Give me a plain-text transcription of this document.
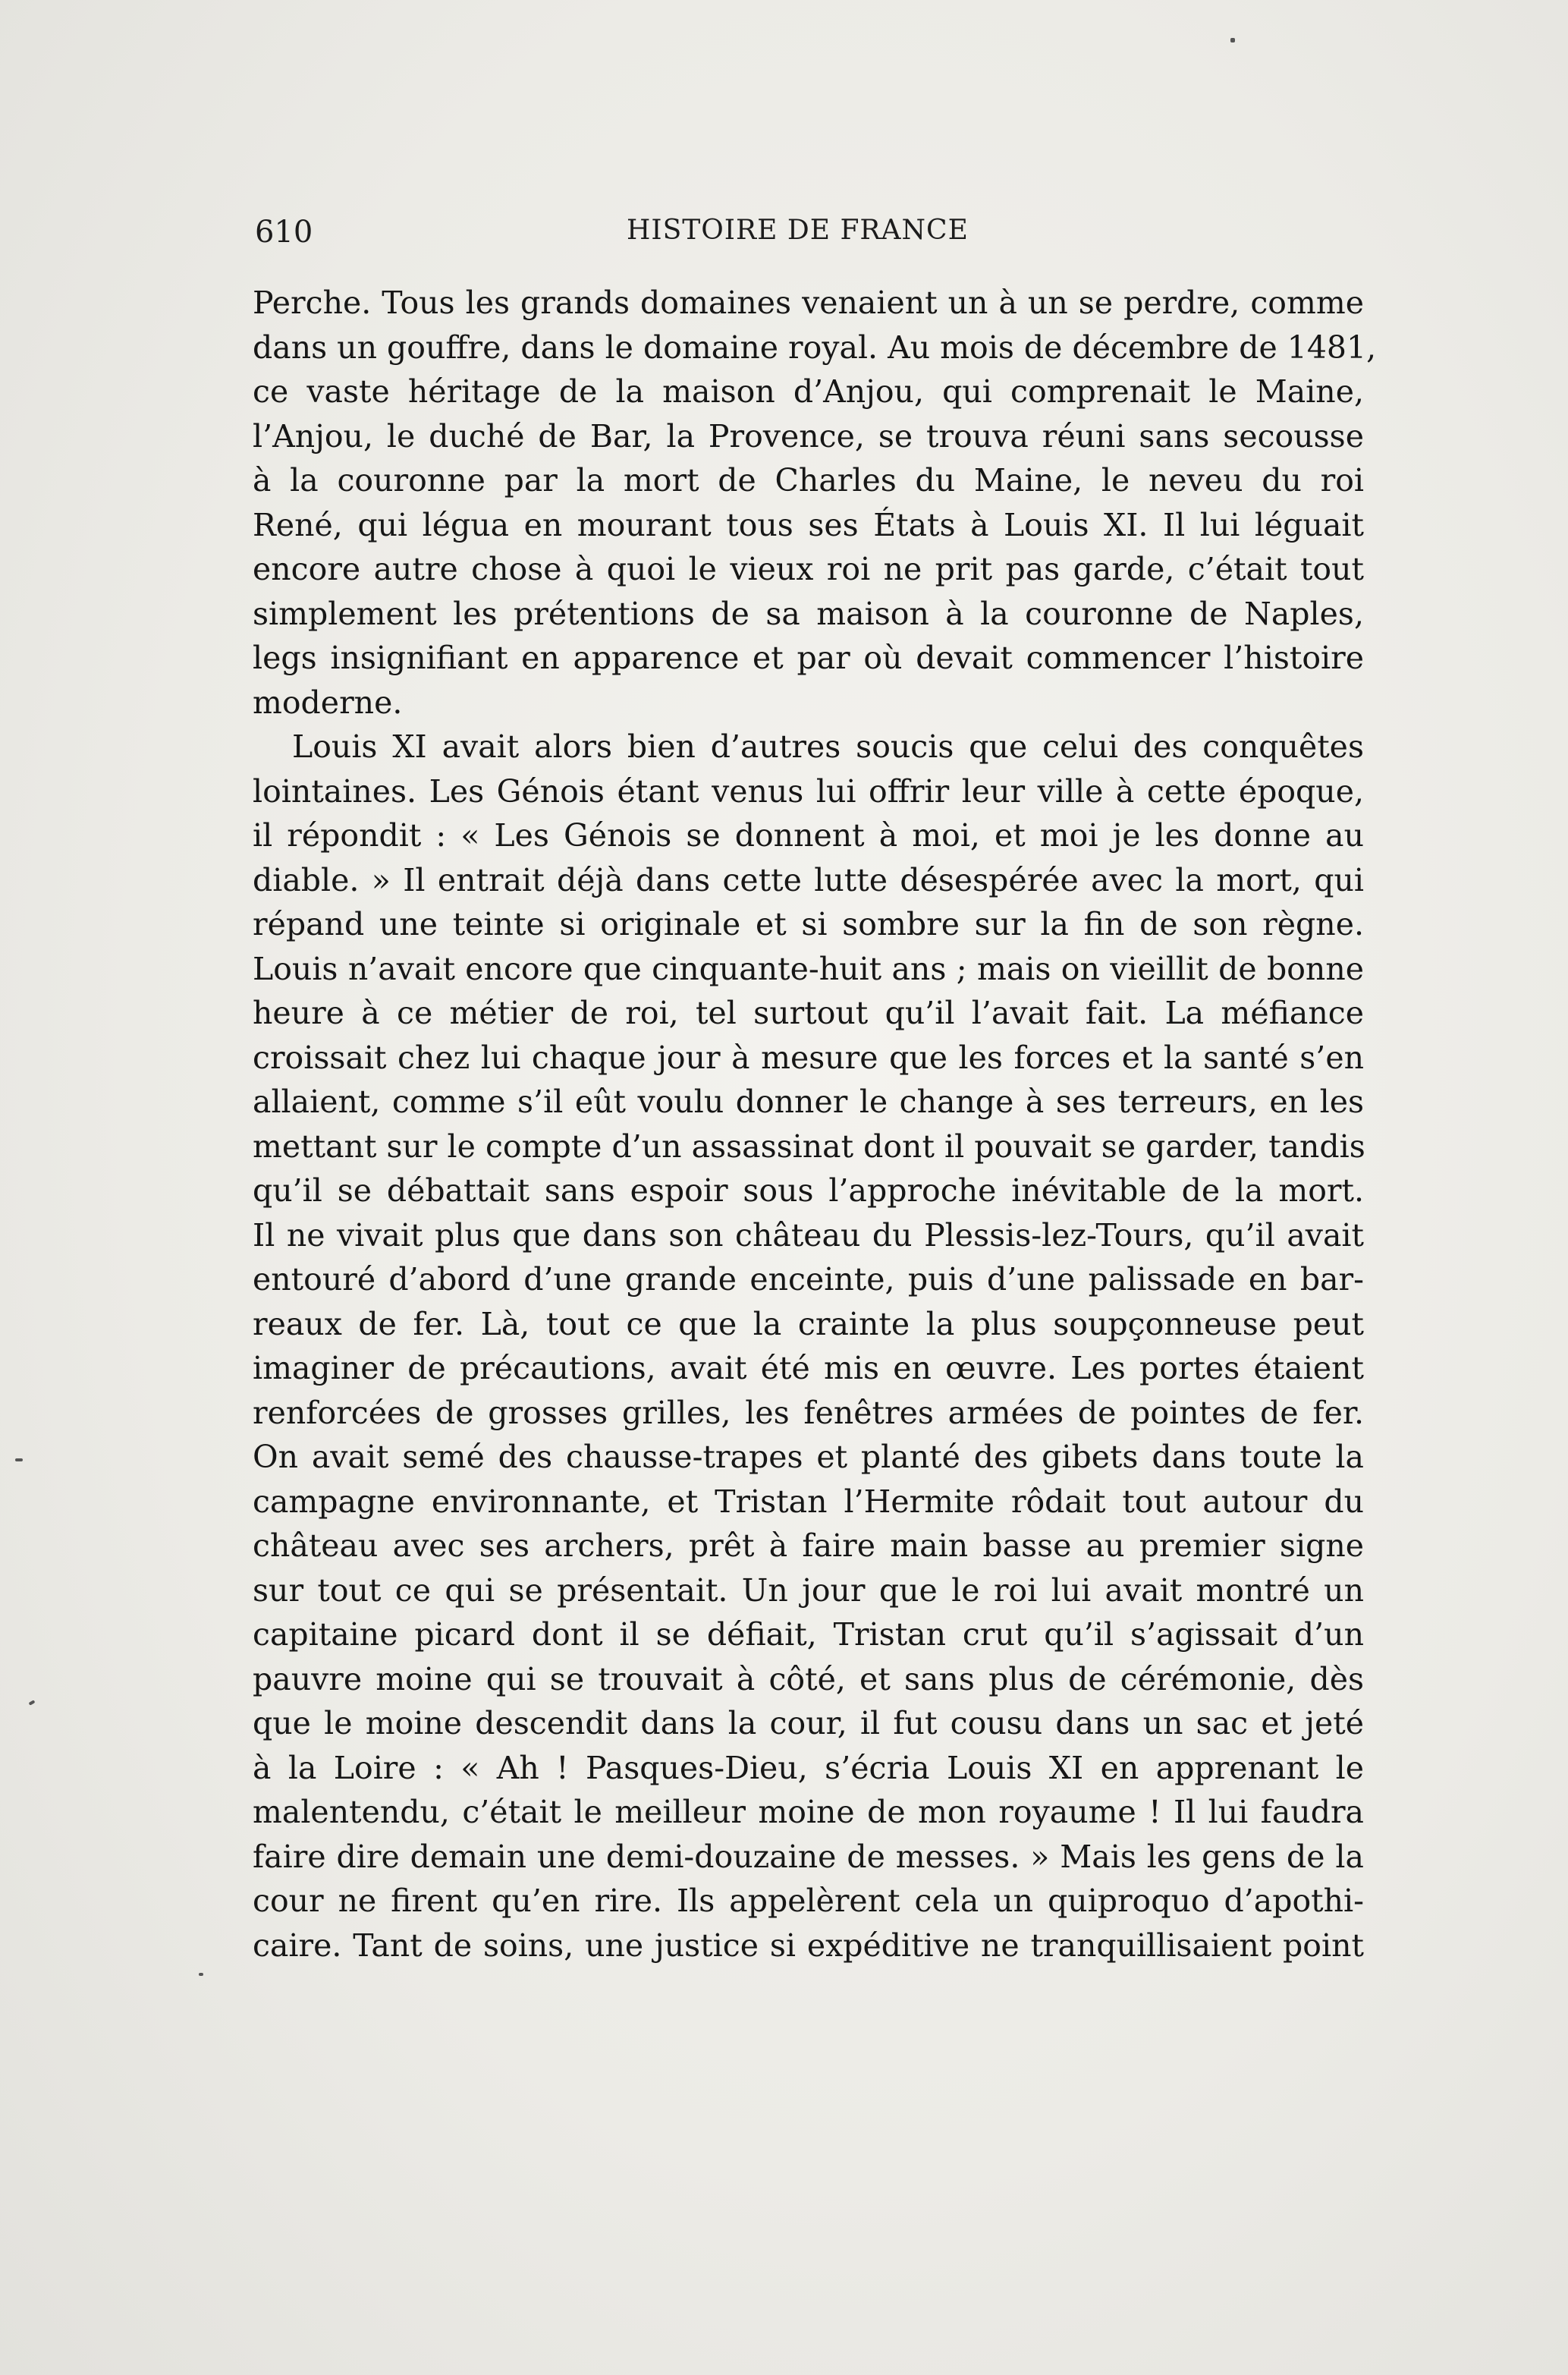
610	HISTOIRE DE FRANCE
Perche. Tous les grands domaines venaient un à un se perdre, comme
dans un gouffre, dans le domaine royal. Au mois de décembre de 1481,
ce vaste héritage de la maison d’Anjou, qui comprenait le Maine,
l’Anjou, le duché de Bar, la Provence, se trouva réuni sans secousse
à la couronne par la mort de Charles du Maine, le neveu du roi
René, qui légua en mourant tous ses États à Louis XI. Il lui léguait
encore autre chose à quoi le vieux roi ne prit pas garde, c’était tout
simplement les prétentions de sa maison à la couronne de Naples,
legs insignifiant en apparence et par où devait commencer l’histoire
moderne.
Louis XI avait alors bien d’autres soucis que celui des conquêtes
lointaines. Les Génois étant venus lui offrir leur ville à cette époque,
il répondit : « Les Génois se donnent à moi, et moi je les donne au
diable. » Il entrait déjà dans cette lutte désespérée avec la mort, qui
répand une teinte si originale et si sombre sur la fin de son règne.
Louis n’avait encore que cinquante-huit ans ; mais on vieillit de bonne
heure à ce métier de roi, tel surtout qu’il l’avait fait. La méfiance
croissait chez lui chaque jour à mesure que les forces et la santé s’en
allaient, comme s’il eût voulu donner le change à ses terreurs, en les
mettant sur le compte d’un assassinat dont il pouvait se garder, tandis
qu’il se débattait sans espoir sous l’approche inévitable de la mort.
Il ne vivait plus que dans son château du Plessis-lez-Tours, qu’il avait
entouré d’abord d’une grande enceinte, puis d’une palissade en bar-
reaux de fer. Là, tout ce que la crainte la plus soupçonneuse peut
imaginer de précautions, avait été mis en œuvre. Les portes étaient
renforcées de grosses grilles, les fenêtres armées de pointes de fer.
On avait semé des chausse-trapes et planté des gibets dans toute la
campagne environnante, et Tristan l’Hermite rôdait tout autour du
château avec ses archers, prêt à faire main basse au premier signe
sur tout ce qui se présentait. Un jour que le roi lui avait montré un
capitaine picard dont il se défiait, Tristan crut qu’il s’agissait d’un
pauvre moine qui se trouvait à côté, et sans plus de cérémonie, dès
que le moine descendit dans la cour, il fut cousu dans un sac et jeté
à la Loire : « Ah ! Pasques-Dieu, s’écria Louis XI en apprenant le
malentendu, c’était le meilleur moine de mon royaume ! Il lui faudra
faire dire demain une demi-douzaine de messes. » Mais les gens de la
cour ne firent qu’en rire. Ils appelèrent cela un quiproquo d’apothi-
caire. Tant de soins, une justice si expéditive ne tranquillisaient point
